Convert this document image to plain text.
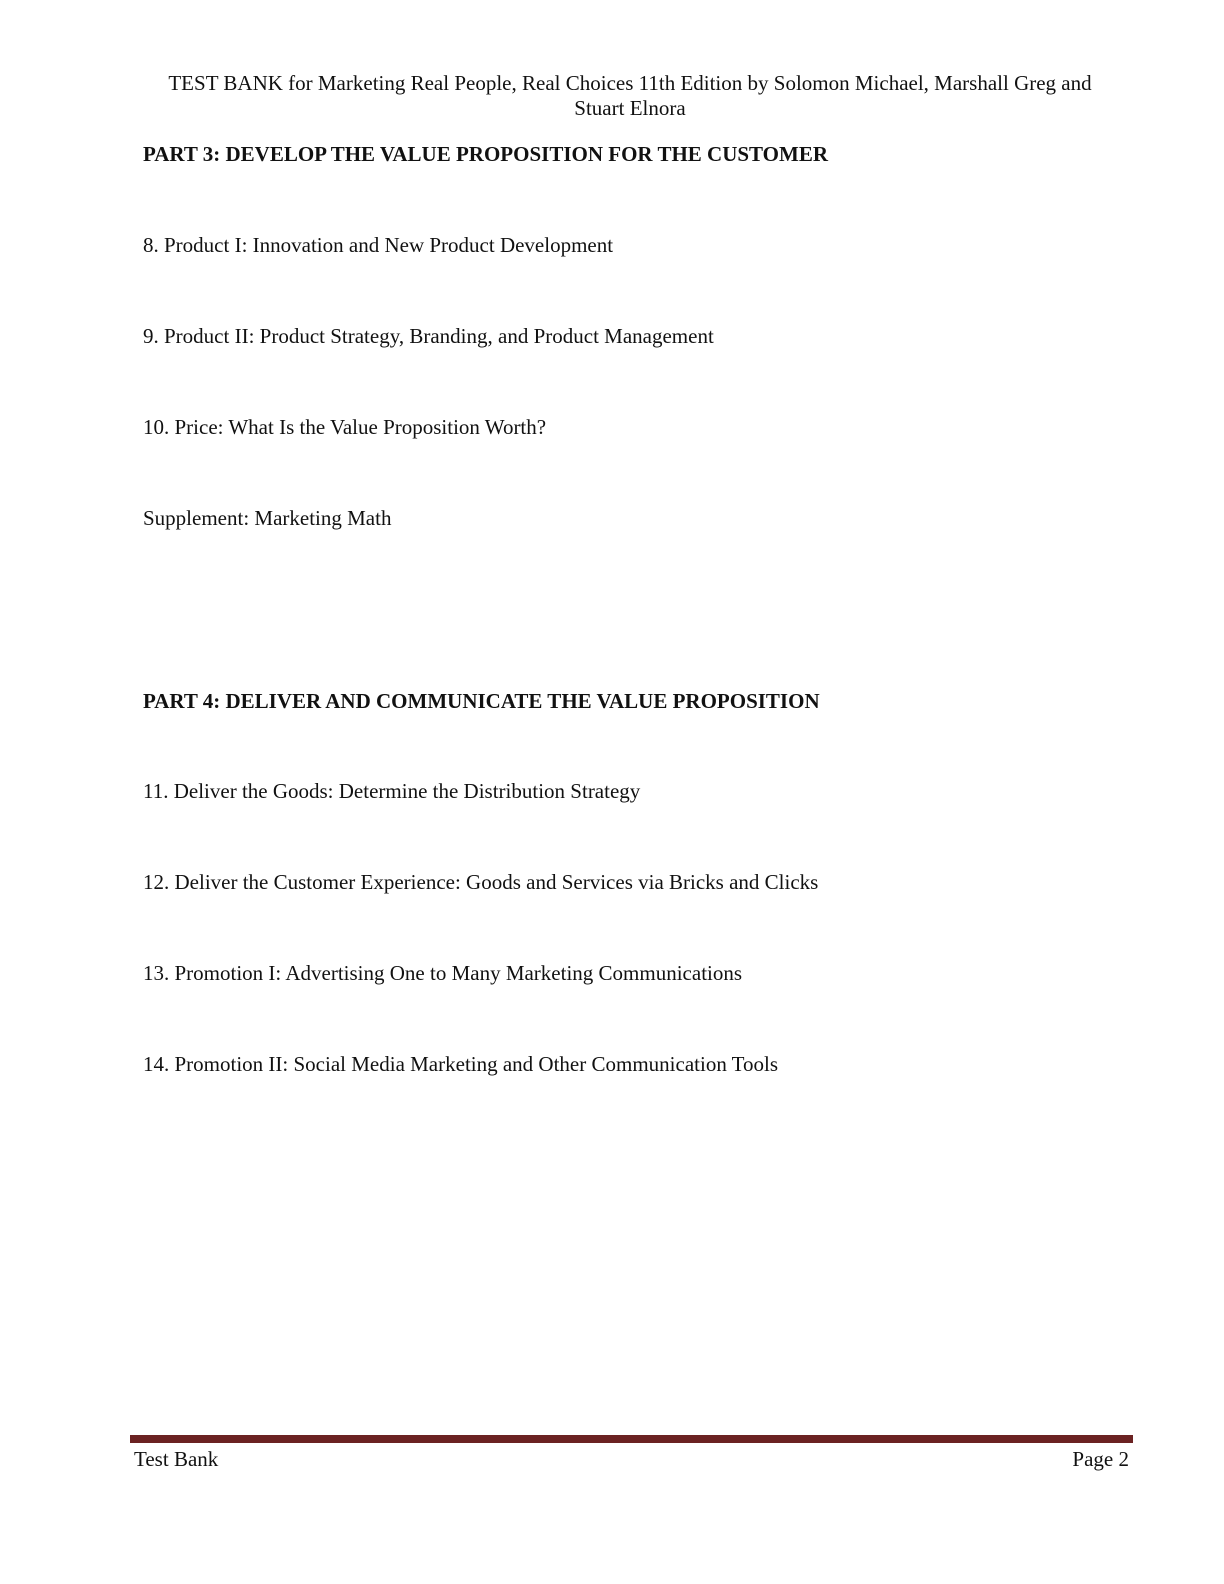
TEST BANK for Marketing Real People, Real Choices 11th Edition by Solomon Michael, Marshall Greg and
Stuart Elnora
PART 3: DEVELOP THE VALUE PROPOSITION FOR THE CUSTOMER
8. Product I: Innovation and New Product Development
9. Product II: Product Strategy, Branding, and Product Management
10. Price: What Is the Value Proposition Worth?
Supplement: Marketing Math
PART 4: DELIVER AND COMMUNICATE THE VALUE PROPOSITION
11. Deliver the Goods: Determine the Distribution Strategy
12. Deliver the Customer Experience: Goods and Services via Bricks and Clicks
13. Promotion I: Advertising One to Many Marketing Communications
14. Promotion II: Social Media Marketing and Other Communication Tools
Test Bank	Page 2
